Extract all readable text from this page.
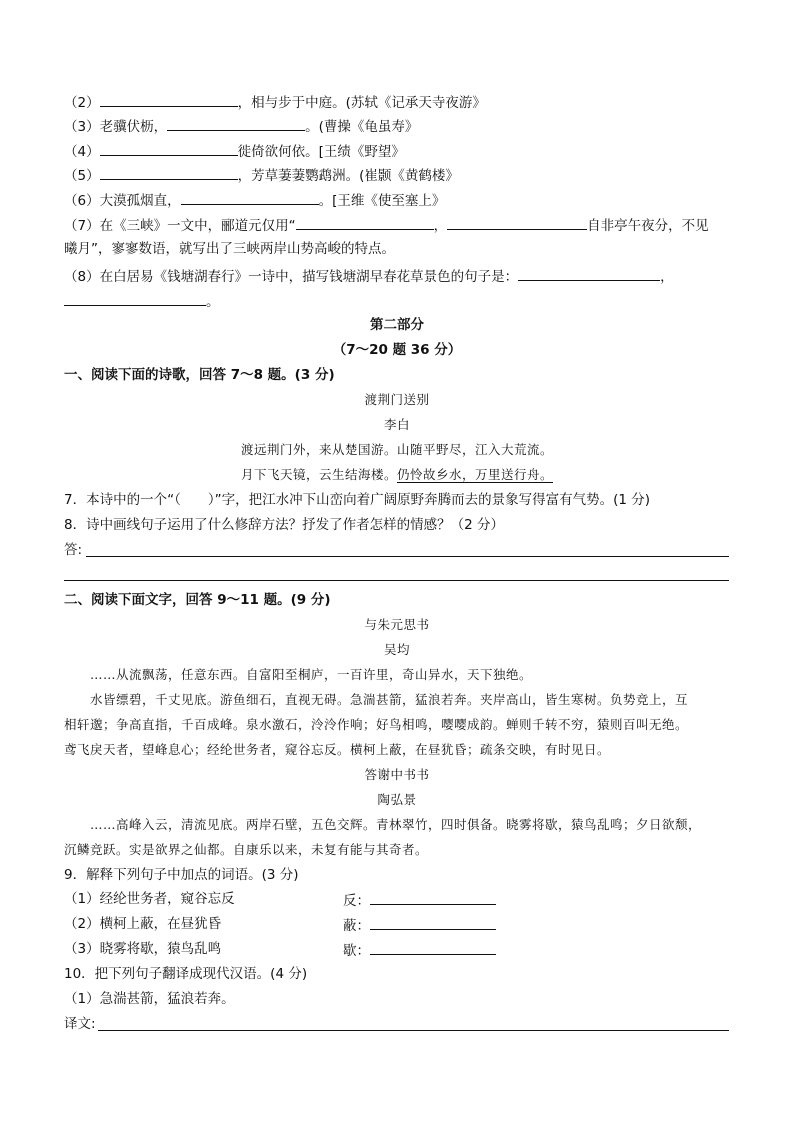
（2）	，相与步于中庭。(苏轼《记承天寺夜游》
（3）老骥伏枥，	。(曹操《龟虽寿》
（4）	徙倚欲何依。[王绩《野望》
（5）	，芳草萋萋鹦鹉洲。(崔颢《黄鹤楼》
（6）大漠孤烟直，	。[王维《使至塞上》
（7）在《三峡》一文中，郦道元仅用“	，	自非亭午夜分，不见
曦月”，寥寥数语，就写出了三峡两岸山势高峻的特点。
（8）在白居易《钱塘湖春行》一诗中，描写钱塘湖早春花草景色的句子是：	，
。
第二部分
（7～20 题 36 分）
一、阅读下面的诗歌，回答 7～8 题。(3 分)
渡荆门送别
李白
渡远荆门外，来从楚国游。山随平野尽，江入大荒流。
月下飞天镜，云生结海楼。仍怜故乡水，万里送行舟。
7．本诗中的一个“（　　）”字，把江水冲下山峦向着广阔原野奔腾而去的景象写得富有气势。(1 分)
8．诗中画线句子运用了什么修辞方法？抒发了作者怎样的情感？（2 分）
答:
二、阅读下面文字，回答 9～11 题。(9 分)
与朱元思书
吴均
……从流飘荡，任意东西。自富阳至桐庐，一百许里，奇山异水，天下独绝。
水皆缥碧，千丈见底。游鱼细石，直视无碍。急湍甚箭，猛浪若奔。夹岸高山，皆生寒树。负势竞上，互
相轩邈；争高直指，千百成峰。泉水激石，泠泠作响；好鸟相鸣，嘤嘤成韵。蝉则千转不穷，猿则百叫无绝。
鸢飞戾天者，望峰息心；经纶世务者，窥谷忘反。横柯上蔽，在昼犹昏；疏条交映，有时见日。
答谢中书书
陶弘景
……高峰入云，清流见底。两岸石壁，五色交辉。青林翠竹，四时俱备。晓雾将歇，猿鸟乱鸣；夕日欲颓，
沉鳞竞跃。实是欲界之仙都。自康乐以来，未复有能与其奇者。
9．解释下列句子中加点的词语。(3 分)
（1）经纶世务者，窥谷忘反	反：
（2）横柯上蔽，在昼犹昏	蔽：
（3）晓雾将歇，猿鸟乱鸣	歇：
10．把下列句子翻译成现代汉语。(4 分)
（1）急湍甚箭，猛浪若奔。
译文:
